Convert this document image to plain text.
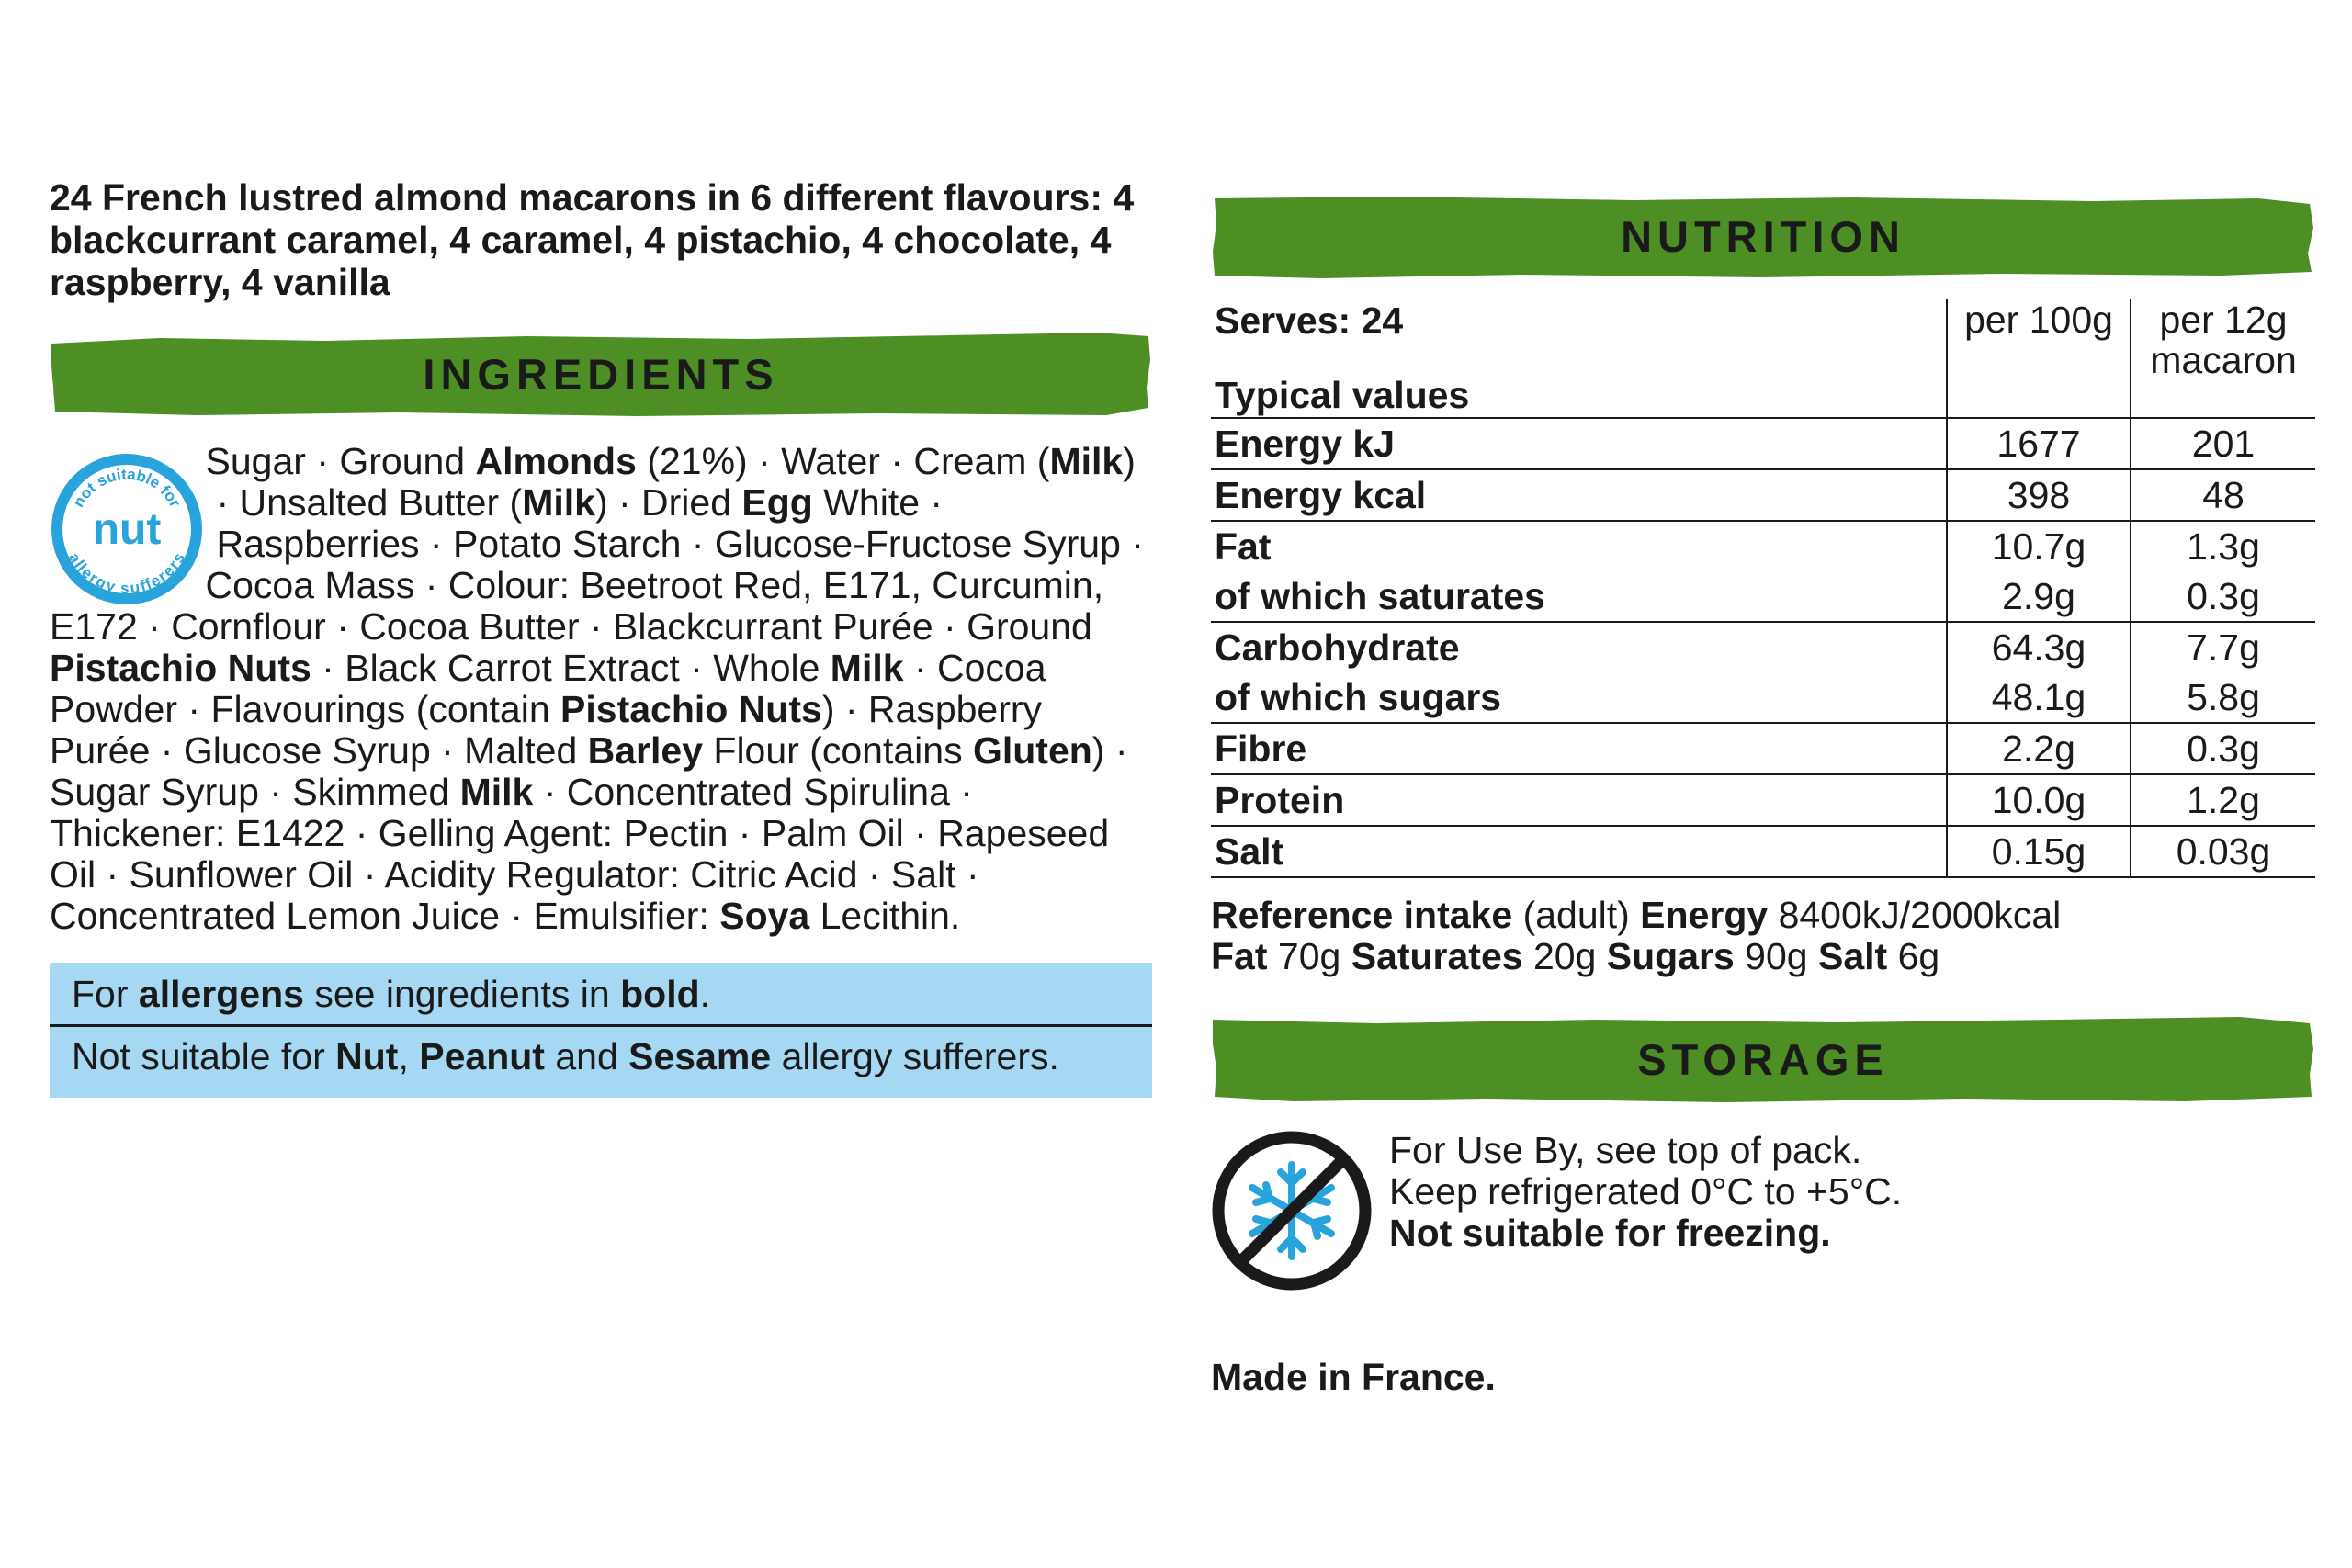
24 French lustred almond macarons in 6 different flavours: 4 blackcurrant caramel, 4 caramel, 4 pistachio, 4 chocolate, 4 raspberry, 4 vanilla

INGREDIENTS
not suitable for
nut
allergy sufferers
Sugar · Ground Almonds (21%) · Water · Cream (Milk) · Unsalted Butter (Milk) · Dried Egg White · Raspberries · Potato Starch · Glucose-Fructose Syrup · Cocoa Mass · Colour: Beetroot Red, E171, Curcumin, E172 · Cornflour · Cocoa Butter · Blackcurrant Purée · Ground Pistachio Nuts · Black Carrot Extract · Whole Milk · Cocoa Powder · Flavourings (contain Pistachio Nuts) · Raspberry Purée · Glucose Syrup · Malted Barley Flour (contains Gluten) · Sugar Syrup · Skimmed Milk · Concentrated Spirulina · Thickener: E1422 · Gelling Agent: Pectin · Palm Oil · Rapeseed Oil · Sunflower Oil · Acidity Regulator: Citric Acid · Salt · Concentrated Lemon Juice · Emulsifier: Soya Lecithin.
For allergens see ingredients in bold.
Not suitable for Nut, Peanut and Sesame allergy sufferers.
NUTRITION
Serves: 24
Typical values	per 100g	per 12g macaron
Energy kJ	1677	201
Energy kcal	398	48
Fat	10.7g	1.3g
of which saturates	2.9g	0.3g
Carbohydrate	64.3g	7.7g
of which sugars	48.1g	5.8g
Fibre	2.2g	0.3g
Protein	10.0g	1.2g
Salt	0.15g	0.03g
Reference intake (adult) Energy 8400kJ/2000kcal
Fat 70g Saturates 20g Sugars 90g Salt 6g
STORAGE
For Use By, see top of pack.
Keep refrigerated 0°C to +5°C.
Not suitable for freezing.
Made in France.
